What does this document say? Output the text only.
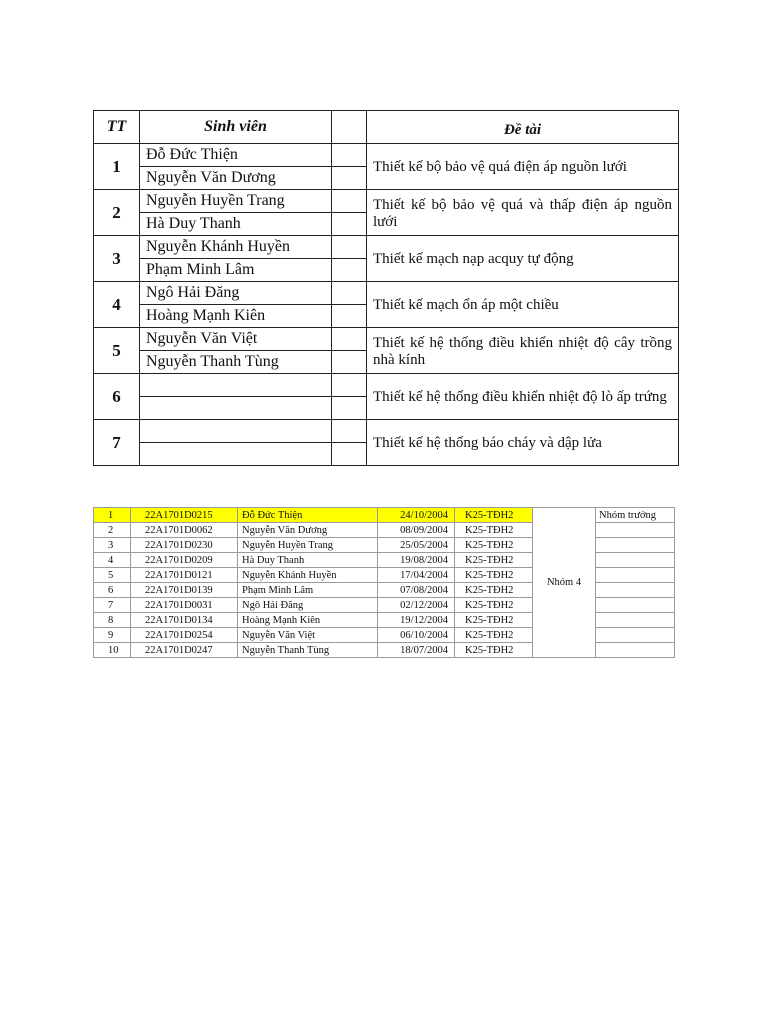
TT	Sinh viên		Đề tài
1	Đỗ Đức Thiện		Thiết kế bộ bảo vệ quá điện áp nguồn lưới
	Nguyễn Văn Dương		
2	Nguyễn Huyền Trang		Thiết kế bộ bảo vệ quá và thấp điện áp nguồn lưới
	Hà Duy Thanh		
3	Nguyễn Khánh Huyền		Thiết kế mạch nạp acquy tự động
	Phạm Minh Lâm		
4	Ngô Hải Đăng		Thiết kế mạch ổn áp một chiều
	Hoàng Mạnh Kiên		
5	Nguyễn Văn Việt		Thiết kế hệ thống điều khiển nhiệt độ cây trồng nhà kính
	Nguyễn Thanh Tùng		
6			Thiết kế hệ thống điều khiển nhiệt độ lò ấp trứng

7			Thiết kế hệ thống báo cháy và dập lửa

1	22A1701D0215	Đỗ Đức Thiện	24/10/2004	K25-TĐH2	Nhóm 4	Nhóm trưởng
2	22A1701D0062	Nguyễn Văn Dương	08/09/2004	K25-TĐH2		
3	22A1701D0230	Nguyễn Huyền Trang	25/05/2004	K25-TĐH2		
4	22A1701D0209	Hà Duy Thanh	19/08/2004	K25-TĐH2		
5	22A1701D0121	Nguyễn Khánh Huyền	17/04/2004	K25-TĐH2		
6	22A1701D0139	Phạm Minh Lâm	07/08/2004	K25-TĐH2		
7	22A1701D0031	Ngô Hải Đăng	02/12/2004	K25-TĐH2		
8	22A1701D0134	Hoàng Mạnh Kiên	19/12/2004	K25-TĐH2		
9	22A1701D0254	Nguyễn Văn Việt	06/10/2004	K25-TĐH2		
10	22A1701D0247	Nguyễn Thanh Tùng	18/07/2004	K25-TĐH2		
